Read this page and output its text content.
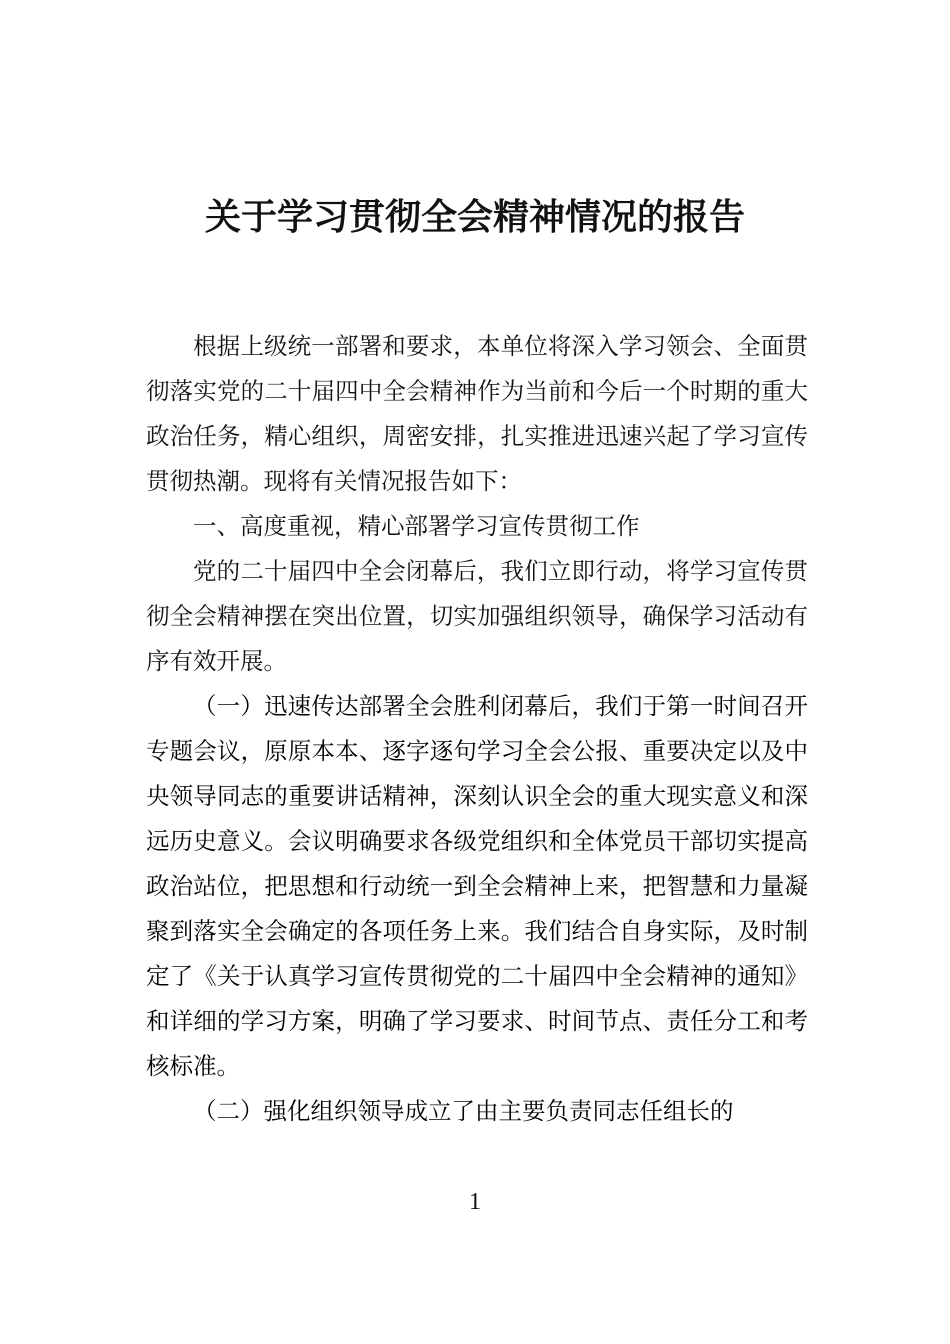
关于学习贯彻全会精神情况的报告

根据上级统一部署和要求，本单位将深入学习领会、全面贯彻落实党的二十届四中全会精神作为当前和今后一个时期的重大政治任务，精心组织，周密安排，扎实推进迅速兴起了学习宣传贯彻热潮。现将有关情况报告如下：

一、高度重视，精心部署学习宣传贯彻工作

党的二十届四中全会闭幕后，我们立即行动，将学习宣传贯彻全会精神摆在突出位置，切实加强组织领导，确保学习活动有序有效开展。

（一）迅速传达部署全会胜利闭幕后，我们于第一时间召开专题会议，原原本本、逐字逐句学习全会公报、重要决定以及中央领导同志的重要讲话精神，深刻认识全会的重大现实意义和深远历史意义。会议明确要求各级党组织和全体党员干部切实提高政治站位，把思想和行动统一到全会精神上来，把智慧和力量凝聚到落实全会确定的各项任务上来。我们结合自身实际，及时制定了《关于认真学习宣传贯彻党的二十届四中全会精神的通知》和详细的学习方案，明确了学习要求、时间节点、责任分工和考核标准。

（二）强化组织领导成立了由主要负责同志任组长的

1
